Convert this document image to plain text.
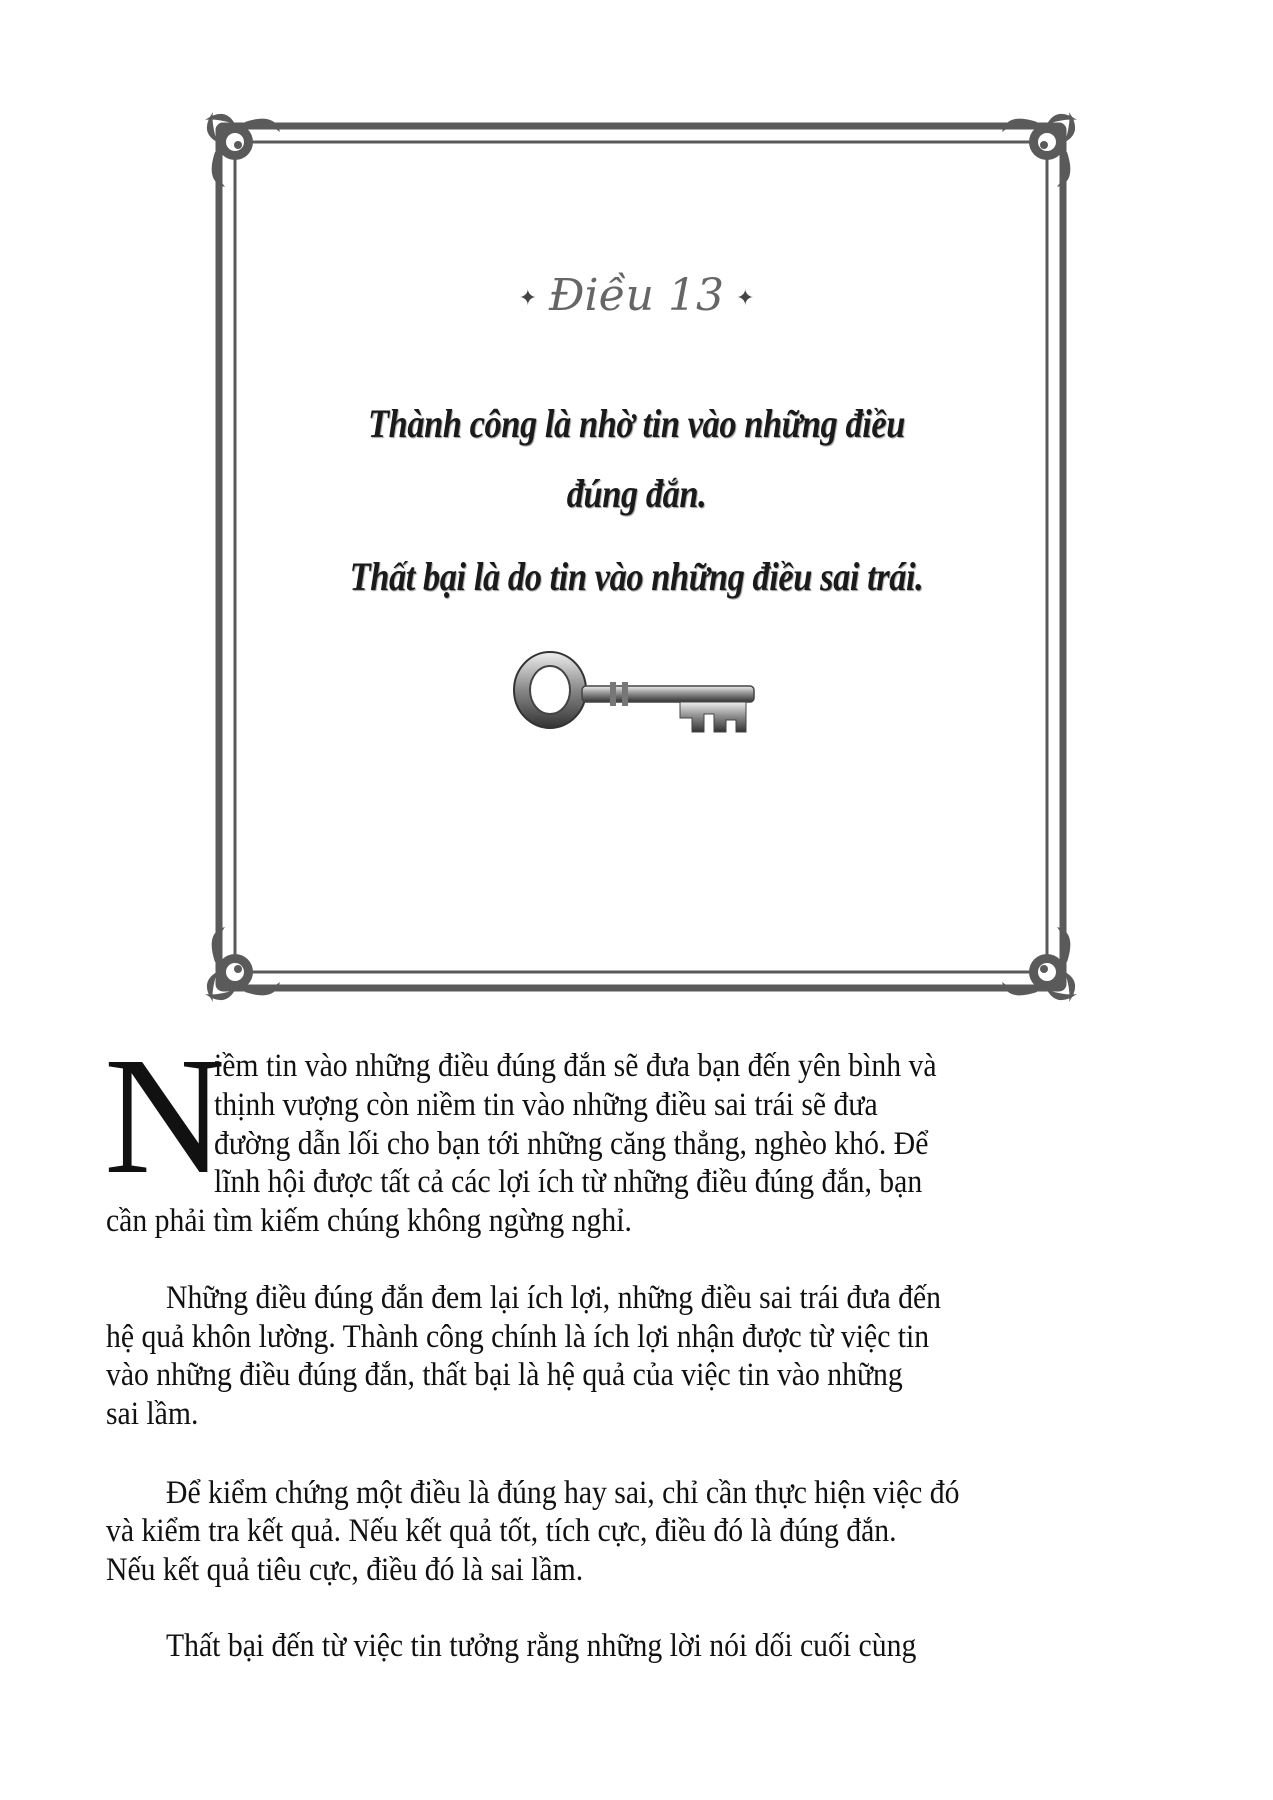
✦ Điều 13 ✦
Thành công là nhờ tin vào những điều
đúng đắn.
Thất bại là do tin vào những điều sai trái.
N
iềm tin vào những điều đúng đắn sẽ đưa bạn đến yên bình và
thịnh vượng còn niềm tin vào những điều sai trái sẽ đưa
đường dẫn lối cho bạn tới những căng thẳng, nghèo khó. Để
lĩnh hội được tất cả các lợi ích từ những điều đúng đắn, bạn
cần phải tìm kiếm chúng không ngừng nghỉ.
Những điều đúng đắn đem lại ích lợi, những điều sai trái đưa đến
hệ quả khôn lường. Thành công chính là ích lợi nhận được từ việc tin
vào những điều đúng đắn, thất bại là hệ quả của việc tin vào những
sai lầm.
Để kiểm chứng một điều là đúng hay sai, chỉ cần thực hiện việc đó
và kiểm tra kết quả. Nếu kết quả tốt, tích cực, điều đó là đúng đắn.
Nếu kết quả tiêu cực, điều đó là sai lầm.
Thất bại đến từ việc tin tưởng rằng những lời nói dối cuối cùng
